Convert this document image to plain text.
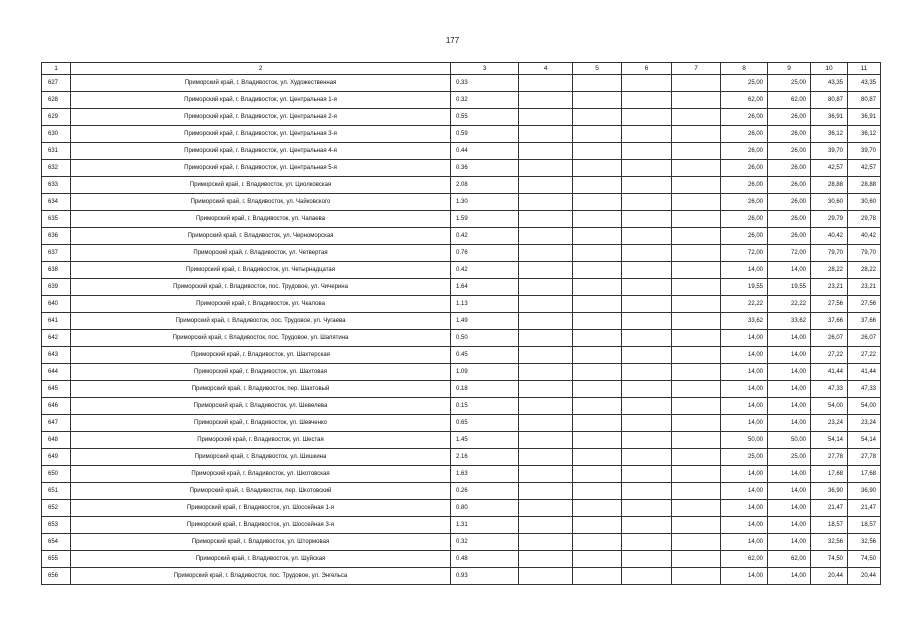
177
1	2	3	4	5	6	7	8	9	10	11
627	Приморский край, г. Владивосток, ул. Художественная	0.33					25,00	25,00	43,35	43,35
628	Приморский край, г. Владивосток, ул. Центральная 1-я	0.32					62,00	62,00	80,87	80,87
629	Приморский край, г. Владивосток, ул. Центральная 2-я	0.55					26,00	26,00	36,91	36,91
630	Приморский край, г. Владивосток, ул. Центральная 3-я	0.59					26,00	26,00	36,12	36,12
631	Приморский край, г. Владивосток, ул. Центральная 4-я	0.44					26,00	26,00	39,70	39,70
632	Приморский край, г. Владивосток, ул. Центральная 5-я	0.36					26,00	26,00	42,57	42,57
633	Приморский край, г. Владивосток, ул. Циолковская	2.08					26,00	26,00	28,88	28,88
634	Приморский край, г. Владивосток, ул. Чайковского	1.30					26,00	26,00	30,60	30,60
635	Приморский край, г. Владивосток, ул. Чапаева	1.59					26,00	26,00	29,79	29,78
636	Приморский край, г. Владивосток, ул. Черноморская	0.42					26,00	26,00	40,42	40,42
637	Приморский край, г. Владивосток, ул. Четвертая	0.76					72,00	72,00	79,70	79,70
638	Приморский край, г. Владивосток, ул. Четырнадцатая	0.42					14,00	14,00	28,22	28,22
639	Приморский край, г. Владивосток, пос. Трудовое, ул. Чичерина	1.64					19,55	19,55	23,21	23,21
640	Приморский край, г. Владивосток, ул. Чкалова	1.13					22,22	22,22	27,56	27,56
641	Приморский край, г. Владивосток, пос. Трудовое, ул. Чугаева	1.49					33,62	33,62	37,66	37,66
642	Приморский край, г. Владивосток, пос. Трудовое, ул. Шапятина	0.50					14,00	14,00	26,07	26,07
643	Приморский край, г. Владивосток, ул. Шахтерская	0.45					14,00	14,00	27,22	27,22
644	Приморский край, г. Владивосток, ул. Шахтовая	1.09					14,00	14,00	41,44	41,44
645	Приморский край, г. Владивосток, пер. Шахтовый	0.18					14,00	14,00	47,33	47,33
646	Приморский край, г. Владивосток, ул. Шевелева	0.15					14,00	14,00	54,00	54,00
647	Приморский край, г. Владивосток, ул. Шевченко	0.65					14,00	14,00	23,24	23,24
648	Приморский край, г. Владивосток, ул. Шестая	1.45					50,00	50,00	54,14	54,14
649	Приморский край, г. Владивосток, ул. Шишкина	2.16					25,00	25,00	27,78	27,78
650	Приморский край, г. Владивосток, ул. Шкотовская	1.63					14,00	14,00	17,68	17,68
651	Приморский край, г. Владивосток, пер. Шкотовский	0.26					14,00	14,00	36,90	36,90
652	Приморский край, г. Владивосток, ул. Шоссейная 1-я	0.80					14,00	14,00	21,47	21,47
653	Приморский край, г. Владивосток, ул. Шоссейная 3-я	1.31					14,00	14,00	18,57	18,57
654	Приморский край, г. Владивосток, ул. Штормовая	0.32					14,00	14,00	32,56	32,56
655	Приморский край, г. Владивосток, ул. Шуйская	0.48					62,00	62,00	74,50	74,50
656	Приморский край, г. Владивосток, пос. Трудовое, ул. Энгельса	0.93					14,00	14,00	20,44	20,44
